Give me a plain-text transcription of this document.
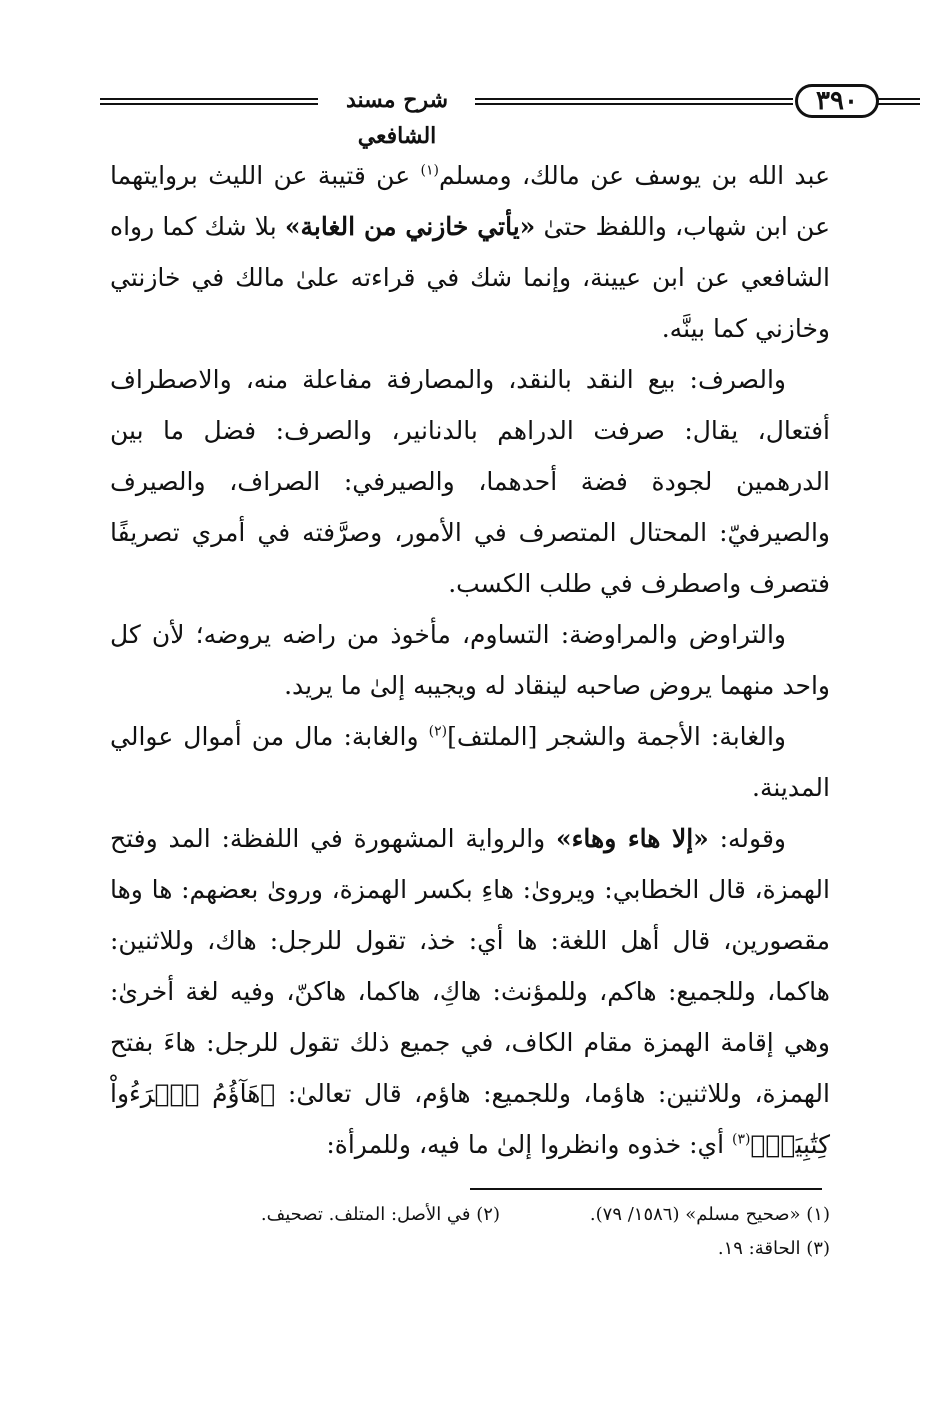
شرح مسند الشافعي
٣٩٠

عبد الله بن يوسف عن مالك، ومسلم$^{(١)}$ عن قتيبة عن الليث بروايتهما عن ابن شهاب، واللفظ حتىٰ «يأتي خازني من الغابة» بلا شك كما رواه الشافعي عن ابن عيينة، وإنما شك في قراءته علىٰ مالك في خازنتي وخازني كما بينَّه.

والصرف: بيع النقد بالنقد، والمصارفة مفاعلة منه، والاصطراف أفتعال، يقال: صرفت الدراهم بالدنانير، والصرف: فضل ما بين الدرهمين لجودة فضة أحدهما، والصيرفي: الصراف، والصيرف والصيرفيّ: المحتال المتصرف في الأمور، وصرَّفته في أمري تصريفًا فتصرف واصطرف في طلب الكسب.

والتراوض والمراوضة: التساوم، مأخوذ من راضه يروضه؛ لأن كل واحد منهما يروض صاحبه لينقاد له ويجيبه إلىٰ ما يريد.

والغابة: الأجمة والشجر [الملتف]$^{(٢)}$ والغابة: مال من أموال عوالي المدينة.

وقوله: «إلا هاء وهاء» والرواية المشهورة في اللفظة: المد وفتح الهمزة، قال الخطابي: ويروىٰ: هاءِ بكسر الهمزة، وروىٰ بعضهم: ها وها مقصورين، قال أهل اللغة: ها أي: خذ، تقول للرجل: هاك، وللاثنين: هاكما، وللجميع: هاكم، وللمؤنث: هاكِ، هاكما، هاكنّ، وفيه لغة أخرىٰ: وهي إقامة الهمزة مقام الكاف، في جميع ذلك تقول للرجل: هاءَ بفتح الهمزة، وللاثنين: هاؤما، وللجميع: هاؤم، قال تعالىٰ: ﴿هَآؤُمُ ٱقۡرَءُواْ كِتَٰبِيَهۡ﴾$^{(٣)}$ أي: خذوه وانظروا إلىٰ ما فيه، وللمرأة:

(١) «صحيح مسلم» (١٥٨٦/ ٧٩).
(٢) في الأصل: المتلف. تصحيف.
(٣) الحاقة: ١٩.
